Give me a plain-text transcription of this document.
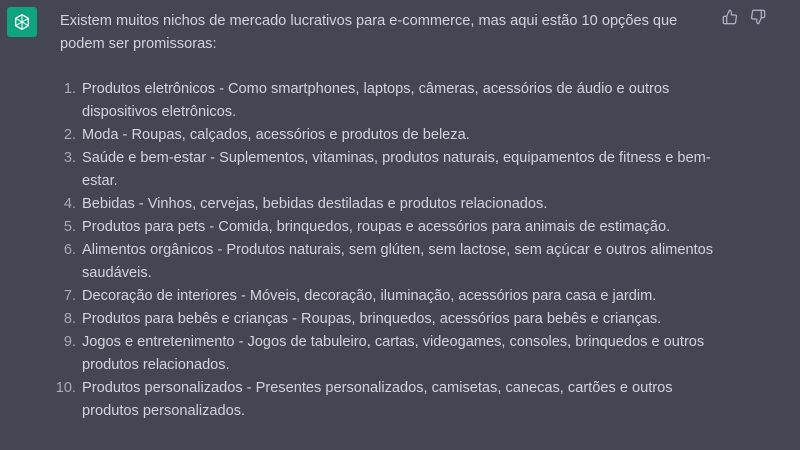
Existem muitos nichos de mercado lucrativos para e-commerce, mas aqui estão 10 opções que podem ser promissoras:

1. Produtos eletrônicos - Como smartphones, laptops, câmeras, acessórios de áudio e outros dispositivos eletrônicos.
2. Moda - Roupas, calçados, acessórios e produtos de beleza.
3. Saúde e bem-estar - Suplementos, vitaminas, produtos naturais, equipamentos de fitness e bem-estar.
4. Bebidas - Vinhos, cervejas, bebidas destiladas e produtos relacionados.
5. Produtos para pets - Comida, brinquedos, roupas e acessórios para animais de estimação.
6. Alimentos orgânicos - Produtos naturais, sem glúten, sem lactose, sem açúcar e outros alimentos saudáveis.
7. Decoração de interiores - Móveis, decoração, iluminação, acessórios para casa e jardim.
8. Produtos para bebês e crianças - Roupas, brinquedos, acessórios para bebês e crianças.
9. Jogos e entretenimento - Jogos de tabuleiro, cartas, videogames, consoles, brinquedos e outros produtos relacionados.
10. Produtos personalizados - Presentes personalizados, camisetas, canecas, cartões e outros produtos personalizados.
